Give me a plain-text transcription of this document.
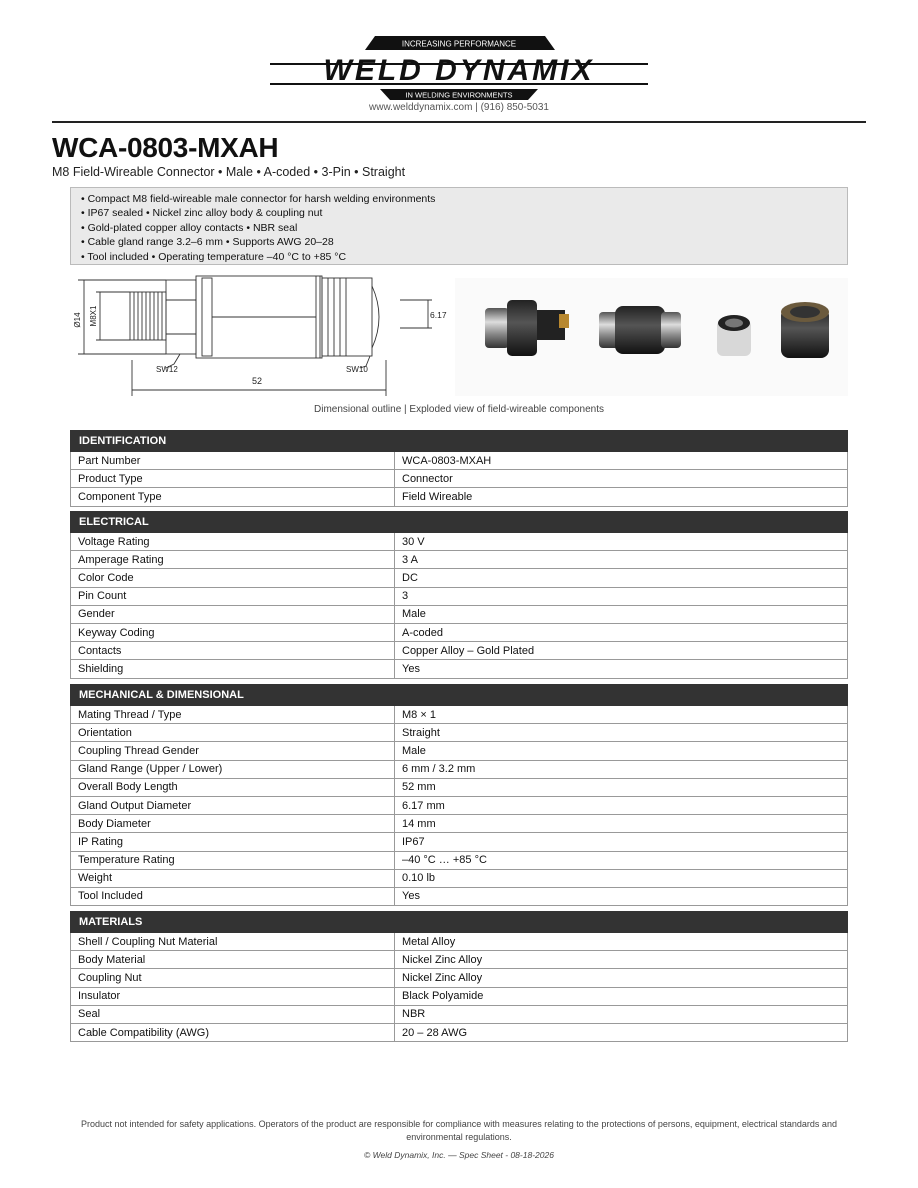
INCREASING PERFORMANCE
WELD DYNAMIX
IN WELDING ENVIRONMENTS
www.welddynamix.com | (916) 850-5031
WCA-0803-MXAH
M8 Field-Wireable Connector • Male • A-coded • 3-Pin • Straight
• Compact M8 field-wireable male connector for harsh welding environments
• IP67 sealed • Nickel zinc alloy body & coupling nut
• Gold-plated copper alloy contacts • NBR seal
• Cable gland range 3.2–6 mm • Supports AWG 20–28
• Tool included • Operating temperature –40 °C to +85 °C
Ø14 M8X1
SW12	SW10
52
6.17
Dimensional outline | Exploded view of field-wireable components
IDENTIFICATION	
Part Number	WCA-0803-MXAH
Product Type	Connector
Component Type	Field Wireable
ELECTRICAL	
Voltage Rating	30 V
Amperage Rating	3 A
Color Code	DC
Pin Count	3
Gender	Male
Keyway Coding	A-coded
Contacts	Copper Alloy – Gold Plated
Shielding	Yes
MECHANICAL & DIMENSIONAL	
Mating Thread / Type	M8 × 1
Orientation	Straight
Coupling Thread Gender	Male
Gland Range (Upper / Lower)	6 mm / 3.2 mm
Overall Body Length	52 mm
Gland Output Diameter	6.17 mm
Body Diameter	14 mm
IP Rating	IP67
Temperature Rating	–40 °C … +85 °C
Weight	0.10 lb
Tool Included	Yes
MATERIALS	
Shell / Coupling Nut Material	Metal Alloy
Body Material	Nickel Zinc Alloy
Coupling Nut	Nickel Zinc Alloy
Insulator	Black Polyamide
Seal	NBR
Cable Compatibility (AWG)	20 – 28 AWG
Product not intended for safety applications. Operators of the product are responsible for compliance with measures relating to the protections of persons, equipment, electrical standards and environmental regulations.
© Weld Dynamix, Inc. — Spec Sheet - 08-18-2026
